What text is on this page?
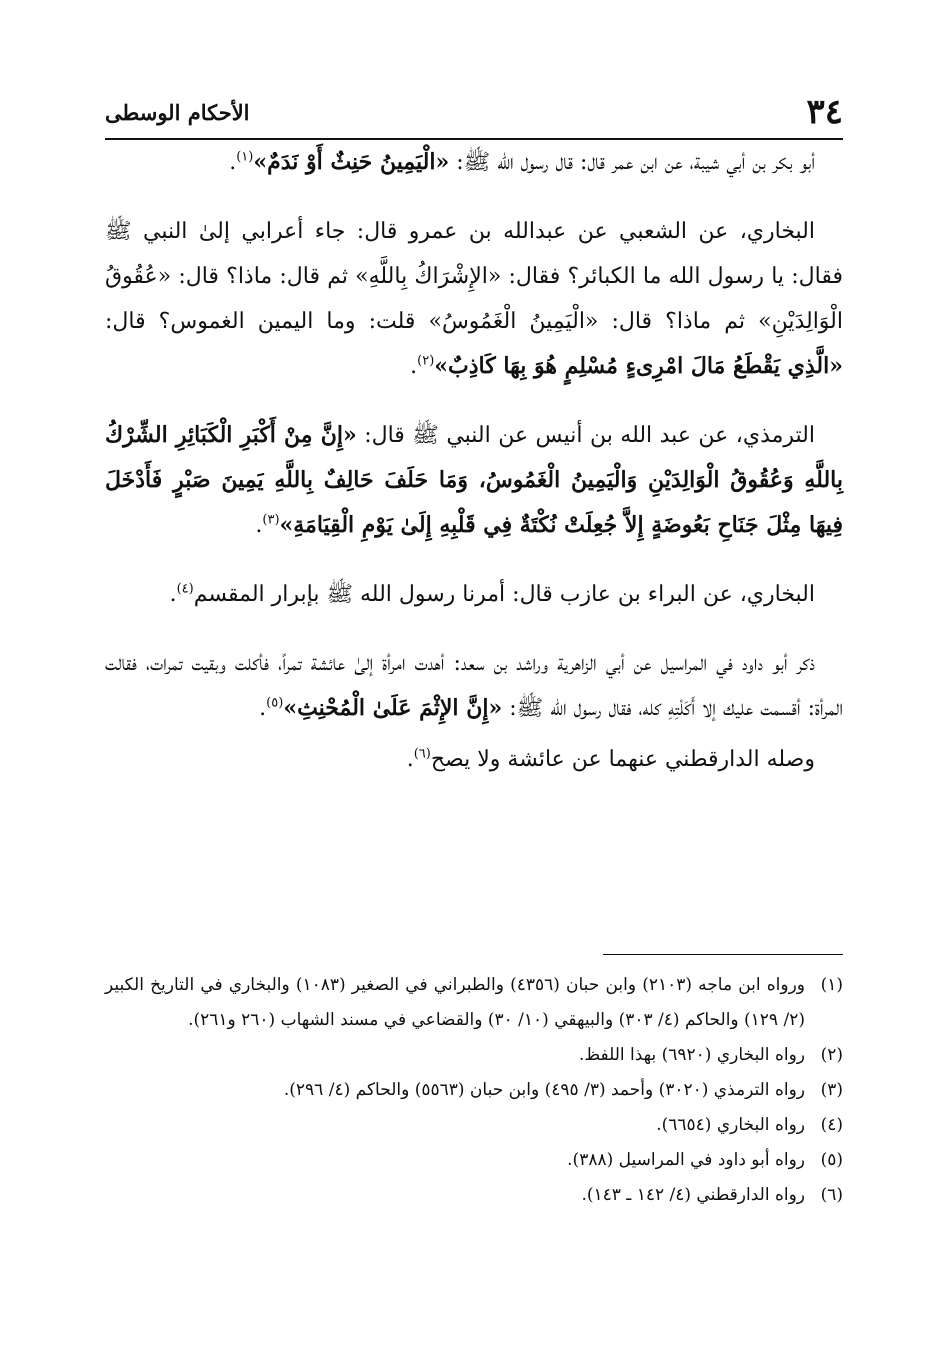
٣٤
الأحكام الوسطى

أبو بكر بن أبي شيبة، عن ابن عمر قال: قال رسول الله ﷺ: «الْيَمِينُ حَنِثٌ أَوْ نَدَمٌ»$^{(١)}$.

البخاري، عن الشعبي عن عبدالله بن عمرو قال: جاء أعرابي إلىٰ النبي ﷺ فقال: يا رسول الله ما الكبائر؟ فقال: «الإِشْرَاكُ بِاللَّهِ» ثم قال: ماذا؟ قال: «عُقُوقُ الْوَالِدَيْنِ» ثم ماذا؟ قال: «الْيَمِينُ الْغَمُوسُ» قلت: وما اليمين الغموس؟ قال: «الَّذِي يَقْطَعُ مَالَ امْرِىءٍ مُسْلِمٍ هُوَ بِهَا كَاذِبٌ»$^{(٢)}$.

الترمذي، عن عبد الله بن أنيس عن النبي ﷺ قال: «إِنَّ مِنْ أَكْبَرِ الْكَبَائِرِ الشِّرْكُ بِاللَّهِ وَعُقُوقُ الْوَالِدَيْنِ وَالْيَمِينُ الْغَمُوسُ، وَمَا حَلَفَ حَالِفٌ بِاللَّهِ يَمِينَ صَبْرٍ فَأَدْخَلَ فِيهَا مِثْلَ جَنَاحِ بَعُوضَةٍ إِلاَّ جُعِلَتْ نُكْتَةٌ فِي قَلْبِهِ إِلَىٰ يَوْمِ الْقِيَامَةِ»$^{(٣)}$.

البخاري، عن البراء بن عازب قال: أمرنا رسول الله ﷺ بإبرار المقسم$^{(٤)}$.

ذكر أبو داود في المراسيل عن أبي الزاهرية وراشد بن سعد: أهدت امرأة إلىٰ عائشة تمراً، فأكلت وبقيت تمرات، فقالت المرأة: أقسمت عليك إلا أَكَلْتِهِ كله، فقال رسول الله ﷺ: «إِنَّ الإِثْمَ عَلَىٰ الْمُحْنِثِ»$^{(٥)}$.

وصله الدارقطني عنهما عن عائشة ولا يصح$^{(٦)}$.

(١)
ورواه ابن ماجه (٢١٠٣) وابن حبان (٤٣٥٦) والطبراني في الصغير (١٠٨٣) والبخاري في التاريخ الكبير (٢/ ١٢٩) والحاكم (٤/ ٣٠٣) والبيهقي (١٠/ ٣٠) والقضاعي في مسند الشهاب (٢٦٠ و٢٦١).
(٢)
رواه البخاري (٦٩٢٠) بهذا اللفظ.
(٣)
رواه الترمذي (٣٠٢٠) وأحمد (٣/ ٤٩٥) وابن حبان (٥٥٦٣) والحاكم (٤/ ٢٩٦).
(٤)
رواه البخاري (٦٦٥٤).
(٥)
رواه أبو داود في المراسيل (٣٨٨).
(٦)
رواه الدارقطني (٤/ ١٤٢ ـ ١٤٣).
